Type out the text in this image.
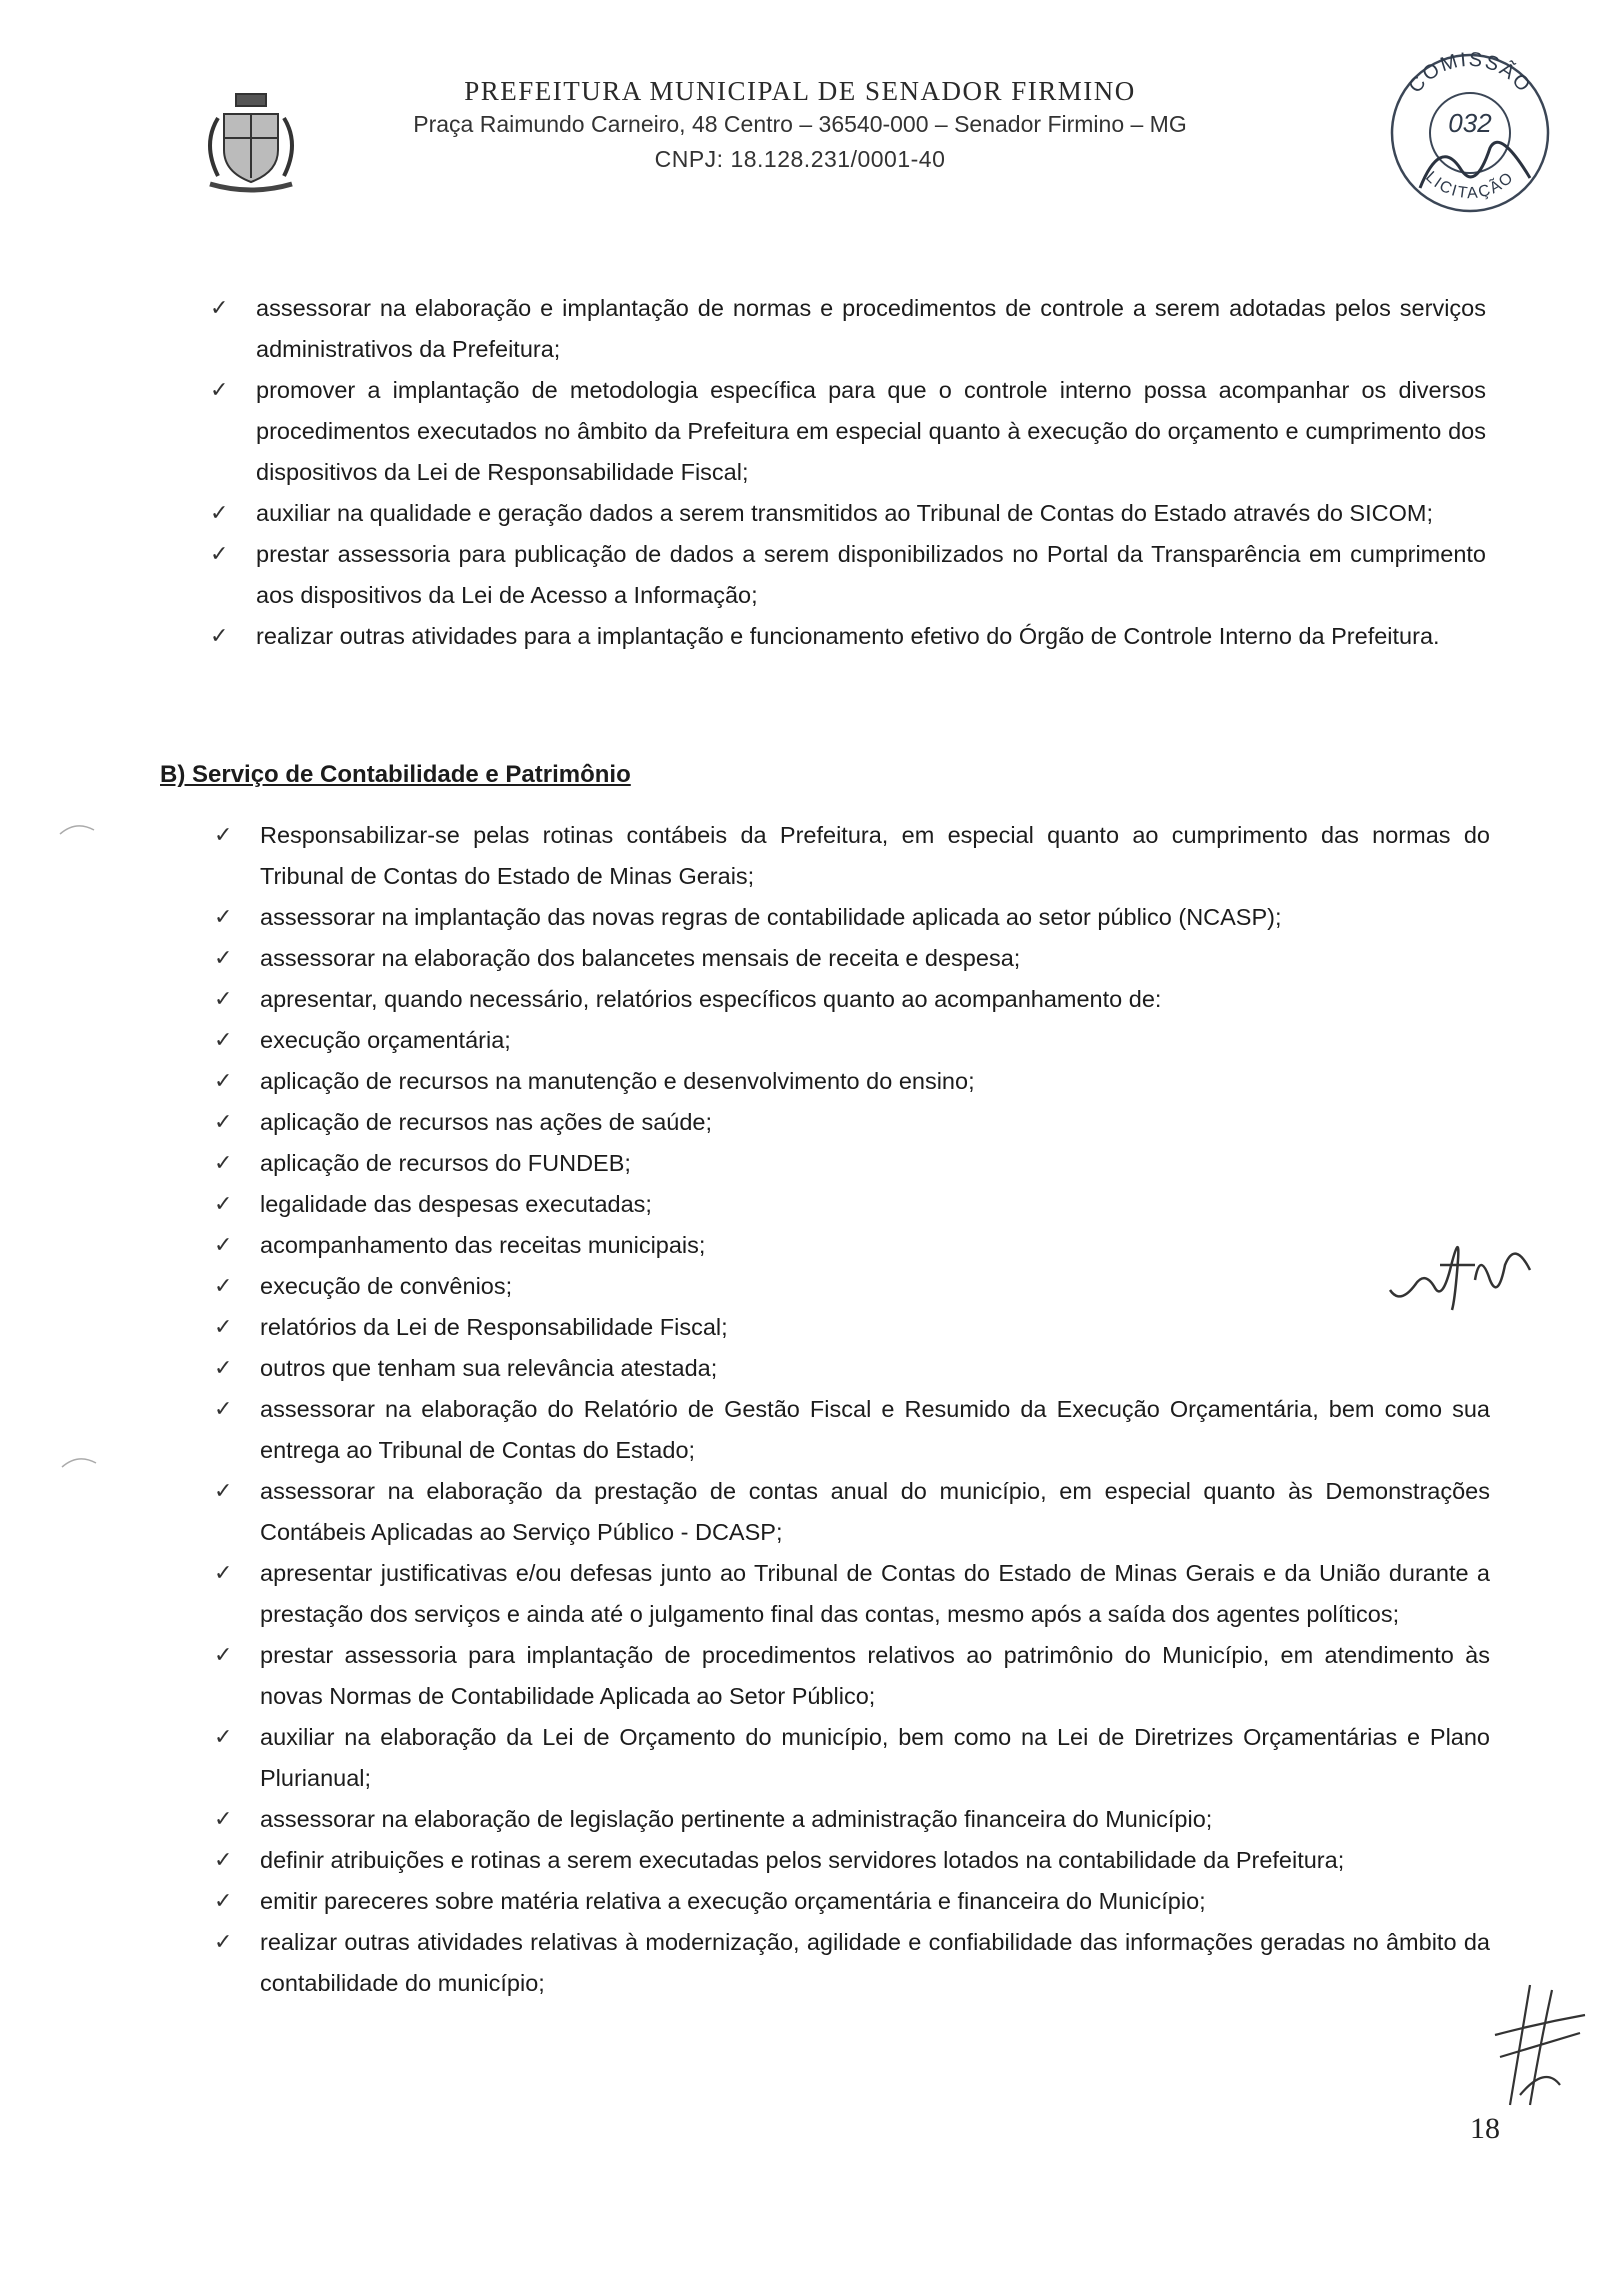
PREFEITURA MUNICIPAL DE SENADOR FIRMINO
Praça Raimundo Carneiro, 48 Centro – 36540-000 – Senador Firmino – MG
CNPJ: 18.128.231/0001-40
COMISSÃO
LICITAÇÃO
032
✓ assessorar na elaboração e implantação de normas e procedimentos de controle a serem adotadas pelos serviços administrativos da Prefeitura;
✓ promover a implantação de metodologia específica para que o controle interno possa acompanhar os diversos procedimentos executados no âmbito da Prefeitura em especial quanto à execução do orçamento e cumprimento dos dispositivos da Lei de Responsabilidade Fiscal;
✓ auxiliar na qualidade e geração dados a serem transmitidos ao Tribunal de Contas do Estado através do SICOM;
✓ prestar assessoria para publicação de dados a serem disponibilizados no Portal da Transparência em cumprimento aos dispositivos da Lei de Acesso a Informação;
✓ realizar outras atividades para a implantação e funcionamento efetivo do Órgão de Controle Interno da Prefeitura.
B) Serviço de Contabilidade e Patrimônio
✓ Responsabilizar-se pelas rotinas contábeis da Prefeitura, em especial quanto ao cumprimento das normas do Tribunal de Contas do Estado de Minas Gerais;
✓ assessorar na implantação das novas regras de contabilidade aplicada ao setor público (NCASP);
✓ assessorar na elaboração dos balancetes mensais de receita e despesa;
✓ apresentar, quando necessário, relatórios específicos quanto ao acompanhamento de:
✓ execução orçamentária;
✓ aplicação de recursos na manutenção e desenvolvimento do ensino;
✓ aplicação de recursos nas ações de saúde;
✓ aplicação de recursos do FUNDEB;
✓ legalidade das despesas executadas;
✓ acompanhamento das receitas municipais;
✓ execução de convênios;
✓ relatórios da Lei de Responsabilidade Fiscal;
✓ outros que tenham sua relevância atestada;
✓ assessorar na elaboração do Relatório de Gestão Fiscal e Resumido da Execução Orçamentária, bem como sua entrega ao Tribunal de Contas do Estado;
✓ assessorar na elaboração da prestação de contas anual do município, em especial quanto às Demonstrações Contábeis Aplicadas ao Serviço Público - DCASP;
✓ apresentar justificativas e/ou defesas junto ao Tribunal de Contas do Estado de Minas Gerais e da União durante a prestação dos serviços e ainda até o julgamento final das contas, mesmo após a saída dos agentes políticos;
✓ prestar assessoria para implantação de procedimentos relativos ao patrimônio do Município, em atendimento às novas Normas de Contabilidade Aplicada ao Setor Público;
✓ auxiliar na elaboração da Lei de Orçamento do município, bem como na Lei de Diretrizes Orçamentárias e Plano Plurianual;
✓ assessorar na elaboração de legislação pertinente a administração financeira do Município;
✓ definir atribuições e rotinas a serem executadas pelos servidores lotados na contabilidade da Prefeitura;
✓ emitir pareceres sobre matéria relativa a execução orçamentária e financeira do Município;
✓ realizar outras atividades relativas à modernização, agilidade e confiabilidade das informações geradas no âmbito da contabilidade do município;
18
